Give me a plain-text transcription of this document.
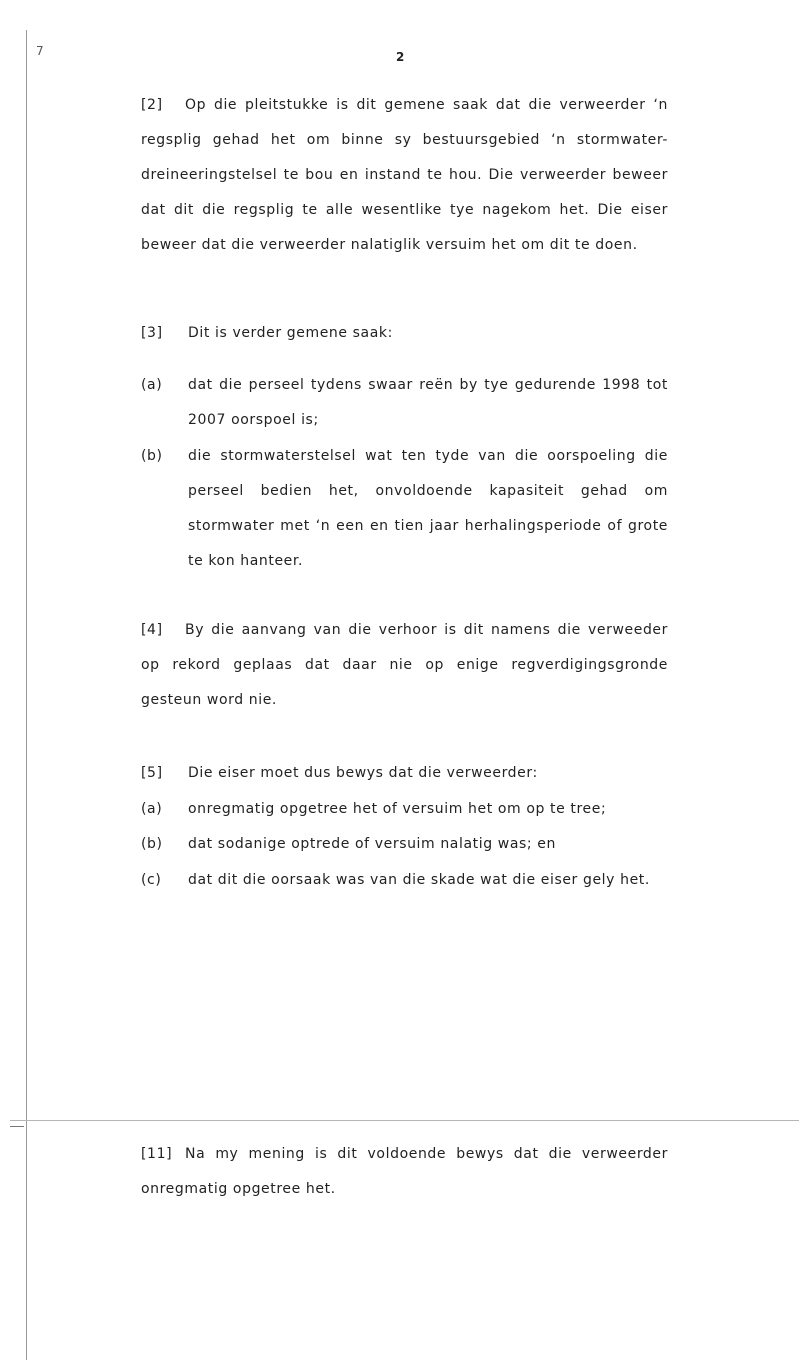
7	2
[2] Op die pleitstukke is dit gemene saak dat die verweerder ‘n regsplig gehad het om binne sy bestuursgebied ‘n stormwater-dreineeringstelsel te bou en instand te hou. Die verweerder beweer dat dit die regsplig te alle wesentlike tye nagekom het. Die eiser beweer dat die verweerder nalatiglik versuim het om dit te doen.
[3] Dit is verder gemene saak:
(a) dat die perseel tydens swaar reën by tye gedurende 1998 tot 2007 oorspoel is;
(b) die stormwaterstelsel wat ten tyde van die oorspoeling die perseel bedien het, onvoldoende kapasiteit gehad om stormwater met ‘n een en tien jaar herhalingsperiode of grote te kon hanteer.
[4] By die aanvang van die verhoor is dit namens die verweeder op rekord geplaas dat daar nie op enige regverdigingsgronde gesteun word nie.
[5] Die eiser moet dus bewys dat die verweerder:
(a) onregmatig opgetree het of versuim het om op te tree;
(b) dat sodanige optrede of versuim nalatig was; en
(c) dat dit die oorsaak was van die skade wat die eiser gely het.
[11] Na my mening is dit voldoende bewys dat die verweerder onregmatig opgetree het.
